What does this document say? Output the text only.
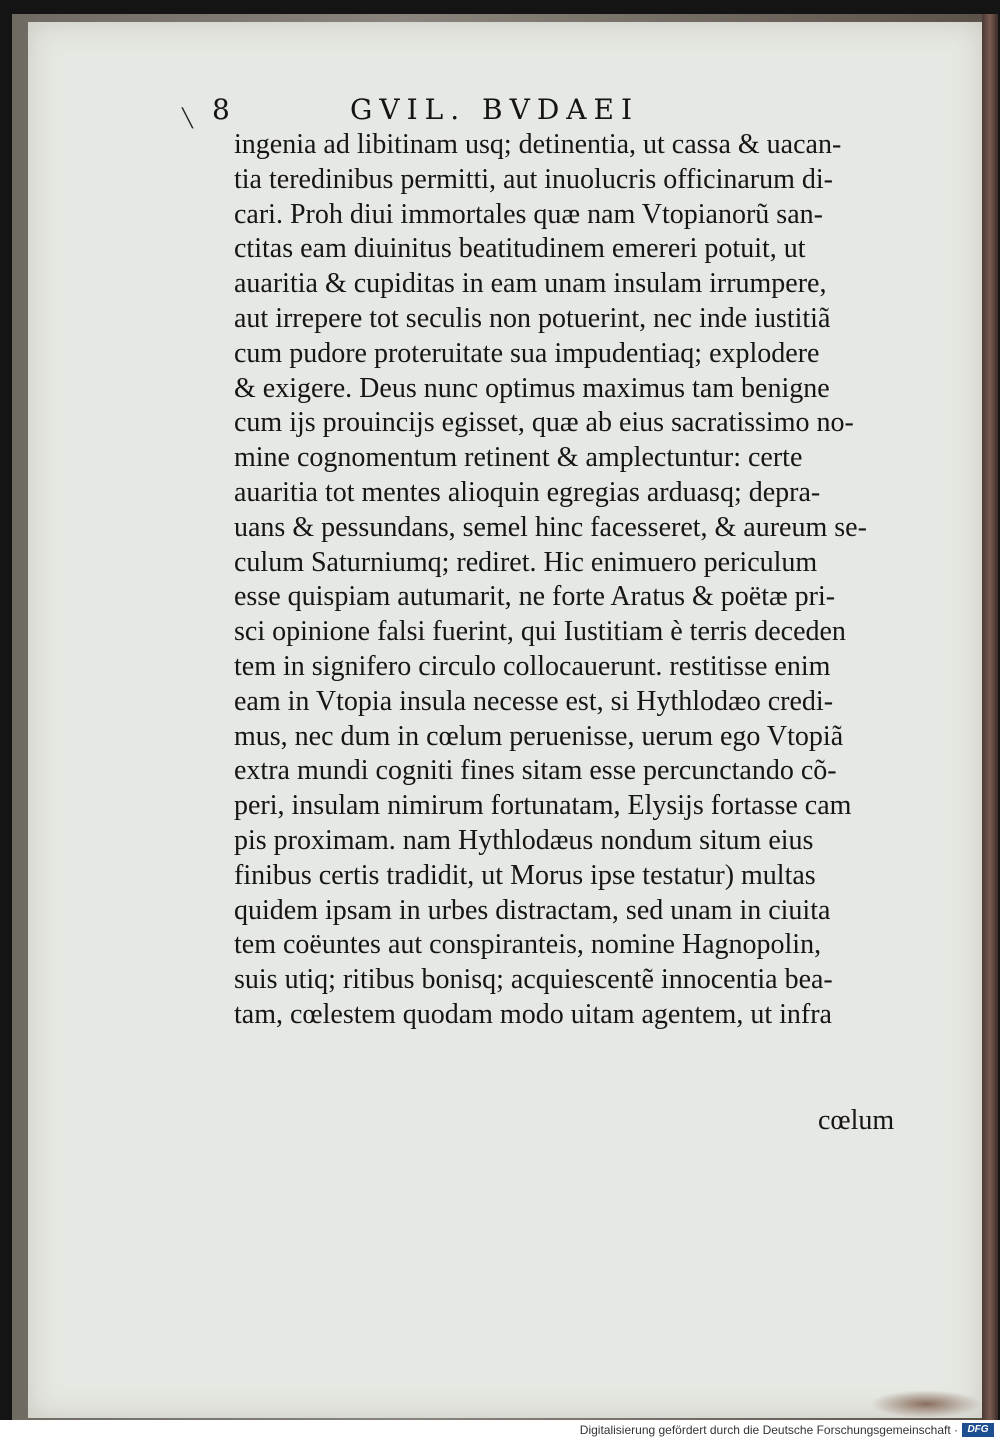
╲ 8	GVIL. BVDAEI
ingenia ad libitinam usq; detinentia, ut cassa & uacan-
tia teredinibus permitti, aut inuolucris officinarum di-
cari. Proh diui immortales quæ nam Vtopianorũ san-
ctitas eam diuinitus beatitudinem emereri potuit, ut
auaritia & cupiditas in eam unam insulam irrumpere,
aut irrepere tot seculis non potuerint, nec inde iustitiã
cum pudore proteruitate sua impudentiaq; explodere
& exigere. Deus nunc optimus maximus tam benigne
cum ijs prouincijs egisset, quæ ab eius sacratissimo no-
mine cognomentum retinent & amplectuntur: certe
auaritia tot mentes alioquin egregias arduasq; depra-
uans & pessundans, semel hinc facesseret, & aureum se-
culum Saturniumq; rediret. Hic enimuero periculum
esse quispiam autumarit, ne forte Aratus & poëtæ pri-
sci opinione falsi fuerint, qui Iustitiam è terris deceden
tem in signifero circulo collocauerunt. restitisse enim
eam in Vtopia insula necesse est, si Hythlodæo credi-
mus, nec dum in cœlum peruenisse, uerum ego Vtopiã
extra mundi cogniti fines sitam esse percunctando cõ-
peri, insulam nimirum fortunatam, Elysijs fortasse cam
pis proximam. nam Hythlodæus nondum situm eius
finibus certis tradidit, ut Morus ipse testatur) multas
quidem ipsam in urbes distractam, sed unam in ciuita
tem coëuntes aut conspiranteis, nomine Hagnopolin,
suis utiq; ritibus bonisq; acquiescentẽ innocentia bea-
tam, cœlestem quodam modo uitam agentem, ut infra
cœlum
Digitalisierung gefördert durch die Deutsche Forschungsgemeinschaft · DFG
